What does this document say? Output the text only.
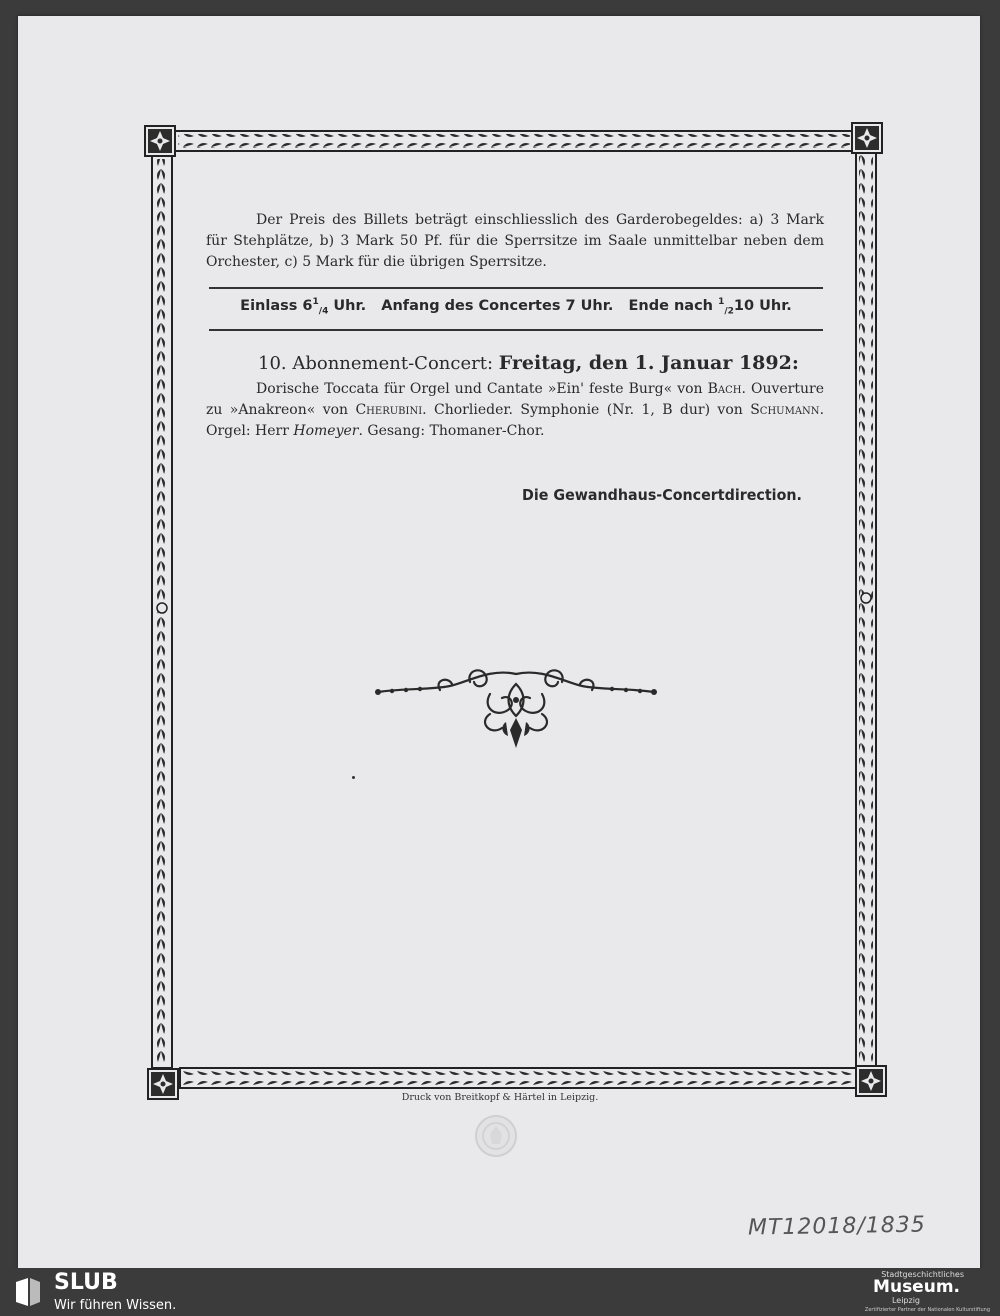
Der Preis des Billets beträgt einschliesslich des Garderobegeldes: a) 3 Mark für Stehplätze, b) 3 Mark 50 Pf. für die Sperrsitze im Saale unmittelbar neben dem Orchester, c) 5 Mark für die übrigen Sperrsitze.
Einlass $6^1_{/4}$ Uhr. Anfang des Concertes 7 Uhr. Ende nach $^1_{/2}$10 Uhr.
10. Abonnement-Concert: Freitag, den 1. Januar 1892:
Dorische Toccata für Orgel und Cantate »Ein' feste Burg« von Bach. Ouverture zu »Anakreon« von Cherubini. Chorlieder. Symphonie (Nr. 1, B dur) von Schumann. Orgel: Herr Homeyer. Gesang: Thomaner-Chor.
Die Gewandhaus-Concertdirection.
Druck von Breitkopf & Härtel in Leipzig.
MT12018/1835
SLUB
Wir führen Wissen.
Stadtgeschichtliches
Museum.
Leipzig
Zertifizierter Partner der Nationalen Kulturstiftung
